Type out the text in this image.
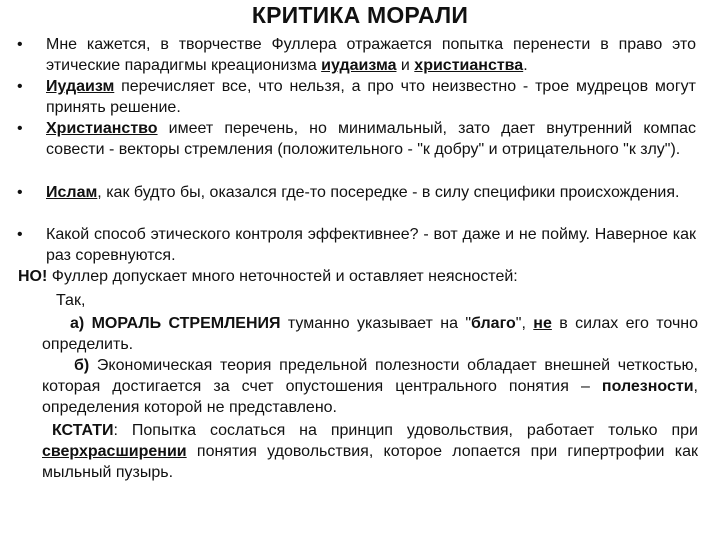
КРИТИКА МОРАЛИ
• Мне кажется, в творчестве Фуллера отражается попытка перенести в право это этические парадигмы креационизма иудаизма и христианства.

• Иудаизм перечисляет все, что нельзя, а про что неизвестно - трое мудрецов могут принять решение.

• Христианство имеет перечень, но минимальный, зато дает внутренний компас совести - векторы стремления (положительного - "к добру" и отрицательного "к злу").

• Ислам, как будто бы, оказался где-то посередке - в силу специфики происхождения.

• Какой способ этического контроля эффективнее? - вот даже и не пойму. Наверное как раз соревнуются.

НО! Фуллер допускает много неточностей и оставляет неясностей:

Так,

а) МОРАЛЬ СТРЕМЛЕНИЯ туманно указывает на "благо", не в силах его точно определить.

б) Экономическая теория предельной полезности обладает внешней четкостью, которая достигается за счет опустошения центрального понятия – полезности, определения которой не представлено.

КСТАТИ: Попытка сослаться на принцип удовольствия, работает только при сверхрасширении понятия удовольствия, которое лопается при гипертрофии как мыльный пузырь.
